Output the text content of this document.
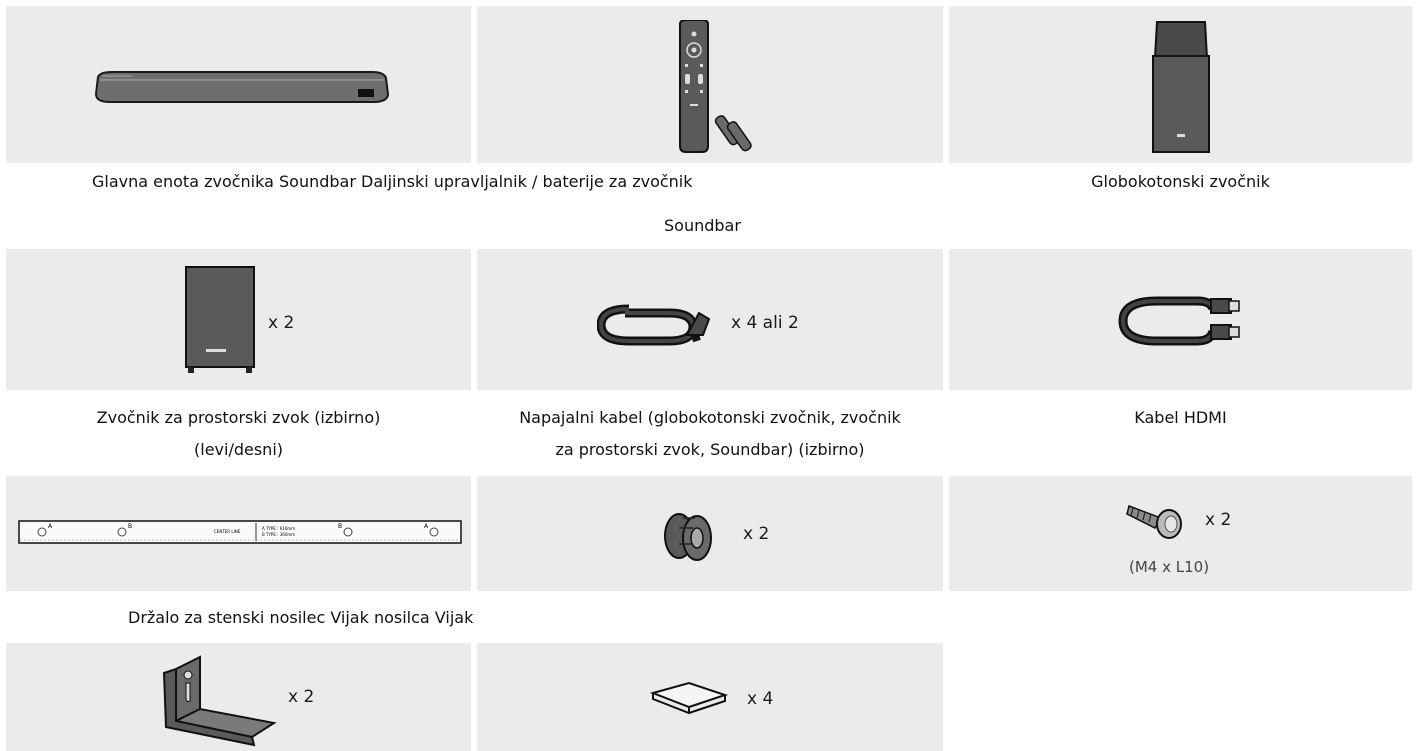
Glavna enota zvočnika Soundbar Daljinski upravljalnik / baterije za zvočnik
Soundbar
Globokotonski zvočnik
x 2	x 4 ali 2
Zvočnik za prostorski zvok (izbirno)
(levi/desni)
Napajalni kabel (globokotonski zvočnik, zvočnik
za prostorski zvok, Soundbar) (izbirno)
Kabel HDMI
A	B
CENTER LINE
A TYPE : 616mm
B TYPE : 360mm
B	A	x 2
x 2
(M4 x L10)
Držalo za stenski nosilec Vijak nosilca Vijak
x 2	x 4
